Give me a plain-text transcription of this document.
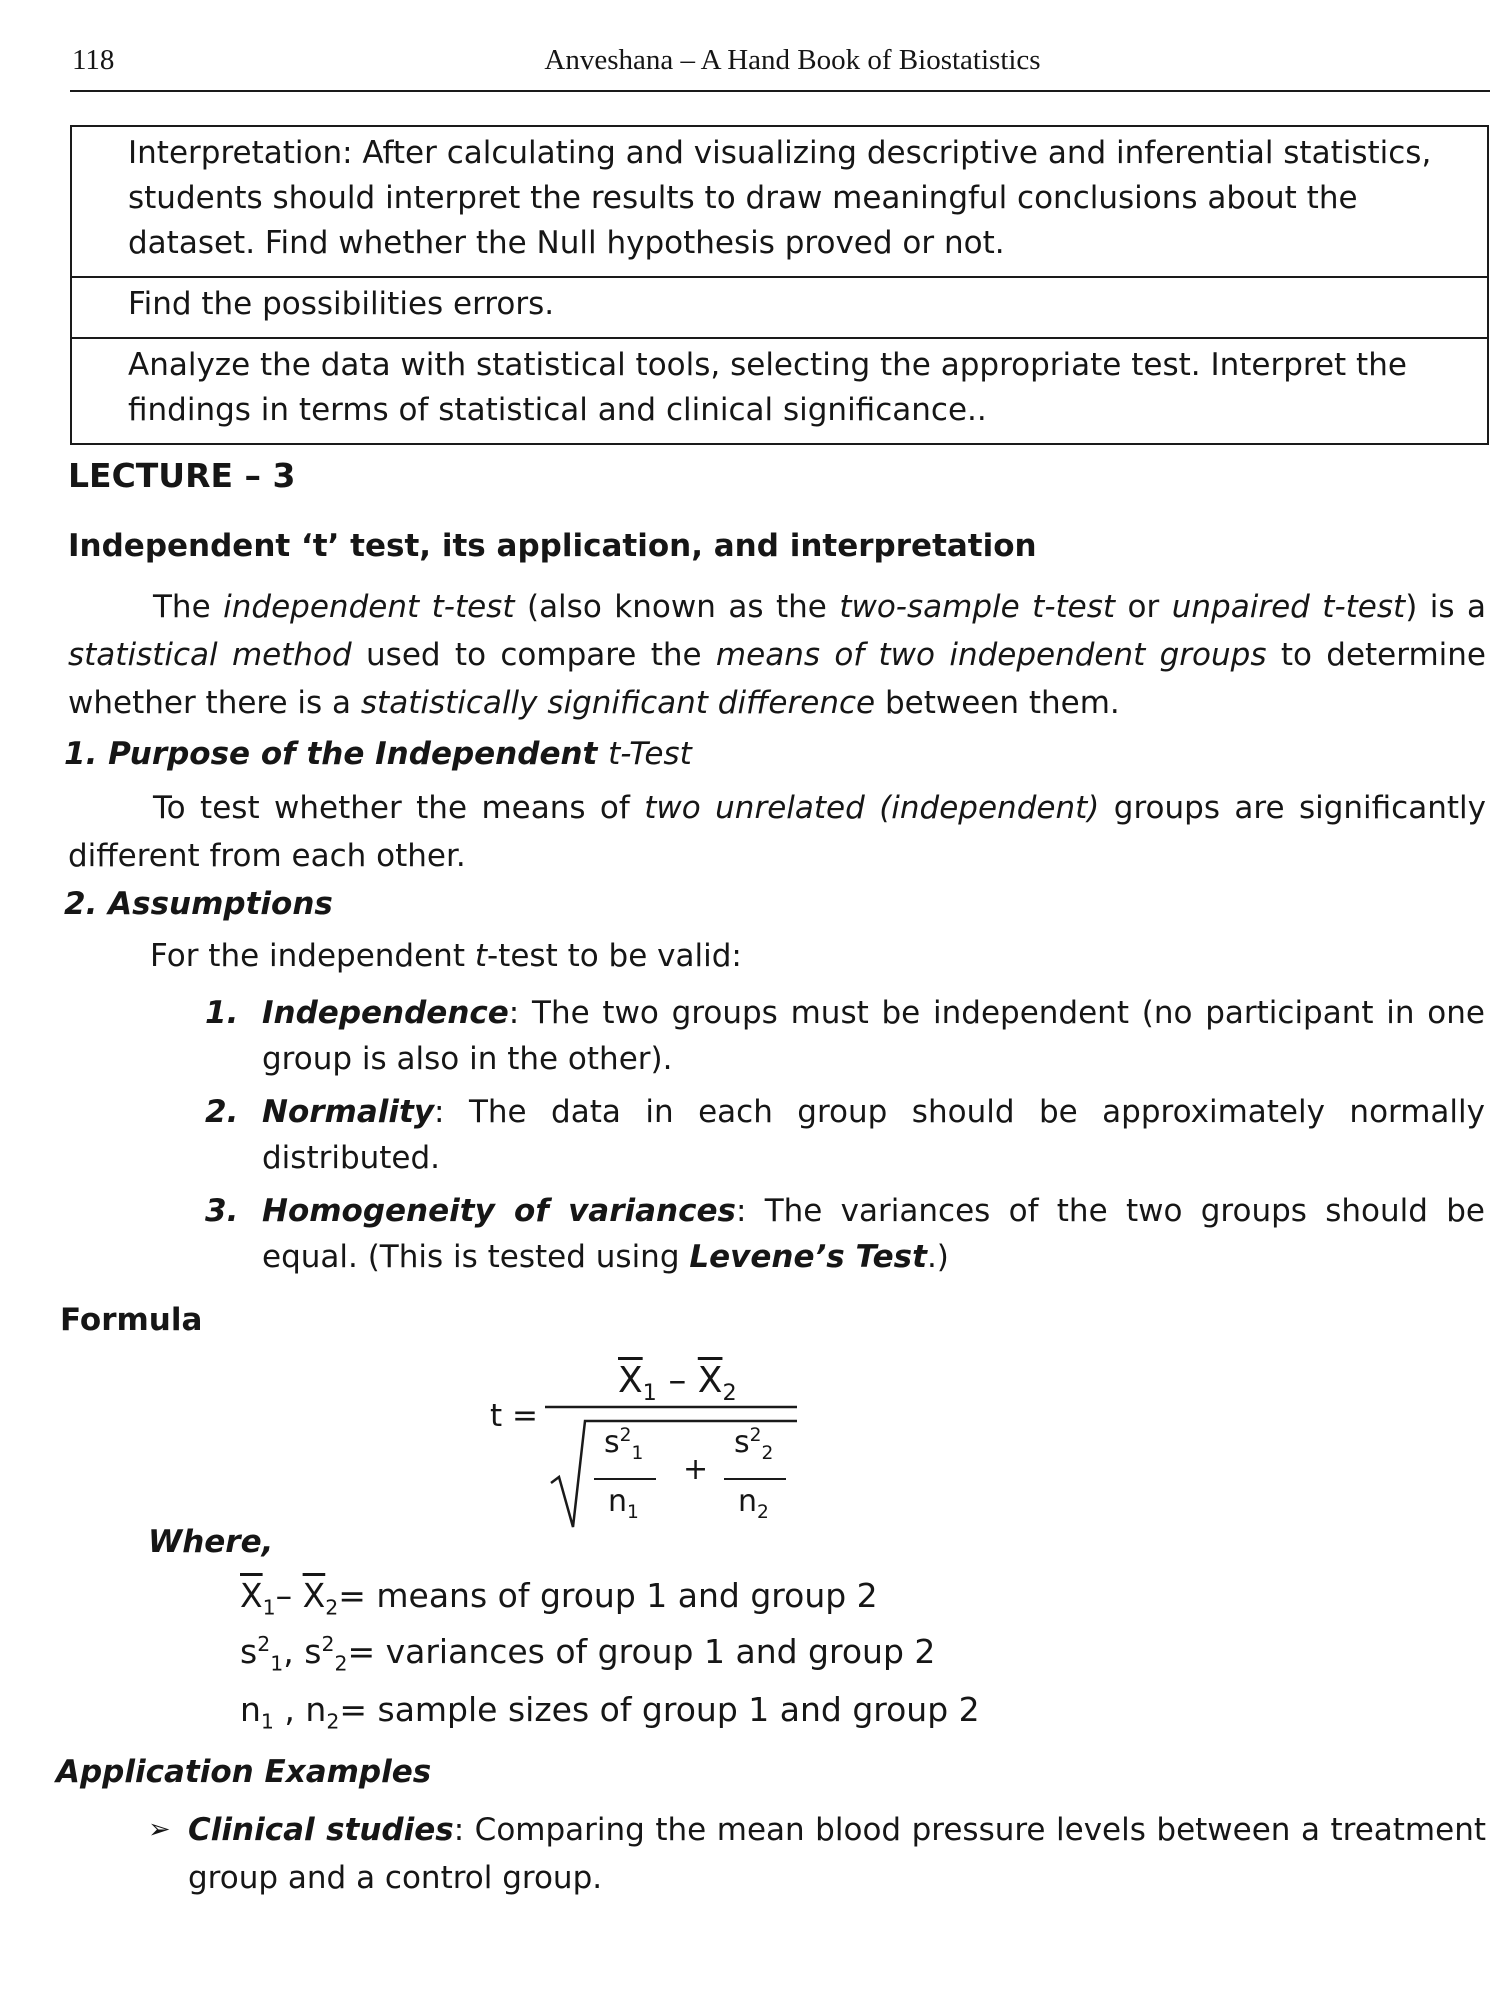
118	Anveshana – A Hand Book of Biostatistics
Interpretation: After calculating and visualizing descriptive and inferential statistics, students should interpret the results to draw meaningful conclusions about the dataset. Find whether the Null hypothesis proved or not.
Find the possibilities errors.
Analyze the data with statistical tools, selecting the appropriate test. Interpret the findings in terms of statistical and clinical significance..
LECTURE – 3
Independent ‘t’ test, its application, and interpretation
The independent t-test (also known as the two-sample t-test or unpaired t-test) is a statistical method used to compare the means of two independent groups to determine whether there is a statistically significant difference between them.
1. Purpose of the Independent t-Test
To test whether the means of two unrelated (independent) groups are significantly different from each other.
2. Assumptions
For the independent t-test to be valid:
1. Independence: The two groups must be independent (no participant in one group is also in the other).
2. Normality: The data in each group should be approximately normally distributed.
3. Homogeneity of variances: The variances of the two groups should be equal. (This is tested using Levene’s Test.)
Formula
t =
$\overline{X}_1 - \overline{X}_2$
$s^2_1$
$n_1$
+
$s^2_2$
$n_2$
Where,
$\overline{X}_1-$ $\overline{X}_2=$ means of group 1 and group 2
$s^2_1$, $s^2_2=$ variances of group 1 and group 2
$n_1$ , $n_2=$ sample sizes of group 1 and group 2
Application Examples
➢ Clinical studies: Comparing the mean blood pressure levels between a treatment group and a control group.
